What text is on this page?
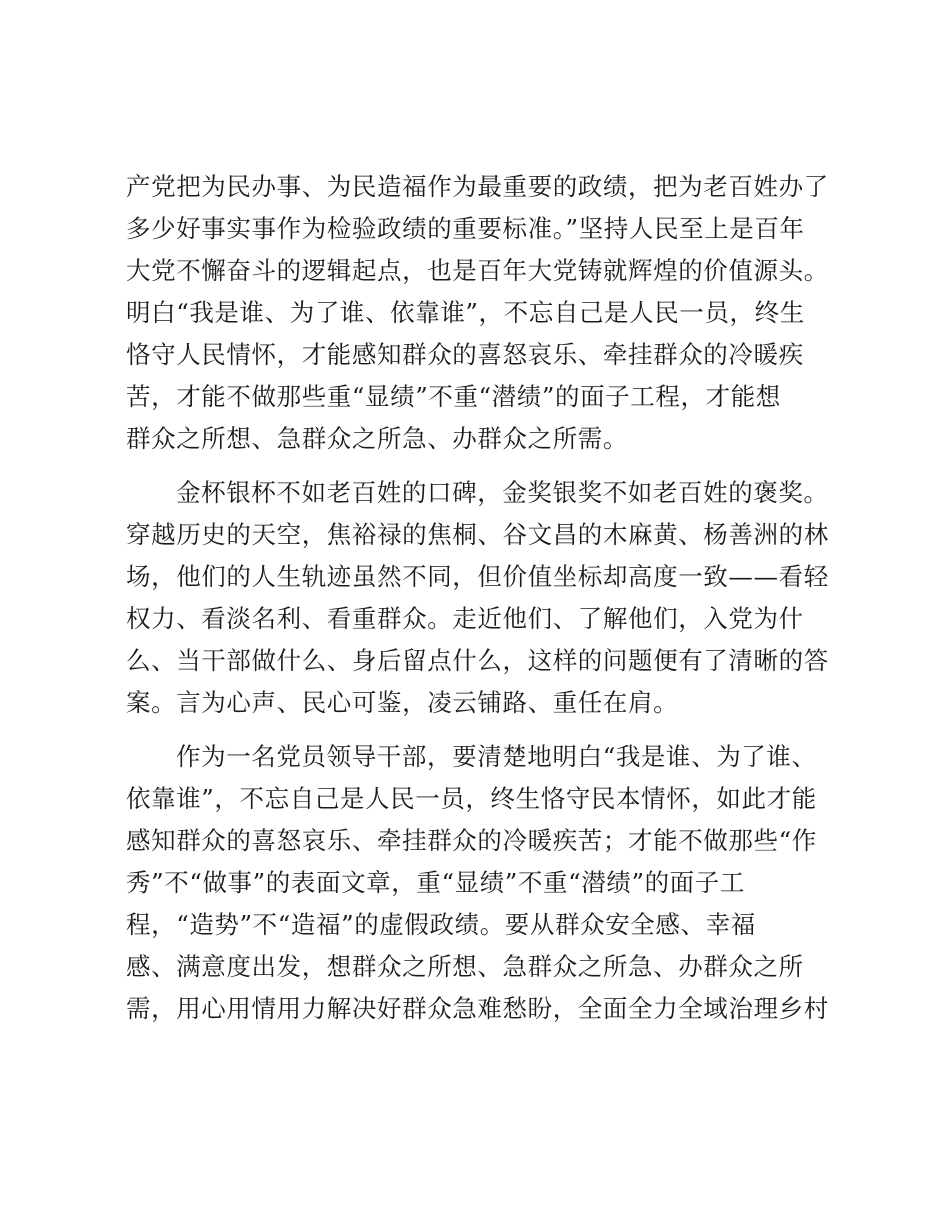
产党把为民办事、为民造福作为最重要的政绩，把为老百姓办了
多少好事实事作为检验政绩的重要标准。”坚持人民至上是百年
大党不懈奋斗的逻辑起点，也是百年大党铸就辉煌的价值源头。
明白“我是谁、为了谁、依靠谁”，不忘自己是人民一员，终生
恪守人民情怀，才能感知群众的喜怒哀乐、牵挂群众的冷暖疾
苦，才能不做那些重“显绩”不重“潜绩”的面子工程，才能想
群众之所想、急群众之所急、办群众之所需。
金杯银杯不如老百姓的口碑，金奖银奖不如老百姓的褒奖。
穿越历史的天空，焦裕禄的焦桐、谷文昌的木麻黄、杨善洲的林
场，他们的人生轨迹虽然不同，但价值坐标却高度一致——看轻
权力、看淡名利、看重群众。走近他们、了解他们，入党为什
么、当干部做什么、身后留点什么，这样的问题便有了清晰的答
案。言为心声、民心可鉴，凌云铺路、重任在肩。
作为一名党员领导干部，要清楚地明白“我是谁、为了谁、
依靠谁”，不忘自己是人民一员，终生恪守民本情怀，如此才能
感知群众的喜怒哀乐、牵挂群众的冷暖疾苦；才能不做那些“作
秀”不“做事”的表面文章，重“显绩”不重“潜绩”的面子工
程，“造势”不“造福”的虚假政绩。要从群众安全感、幸福
感、满意度出发，想群众之所想、急群众之所急、办群众之所
需，用心用情用力解决好群众急难愁盼，全面全力全域治理乡村
